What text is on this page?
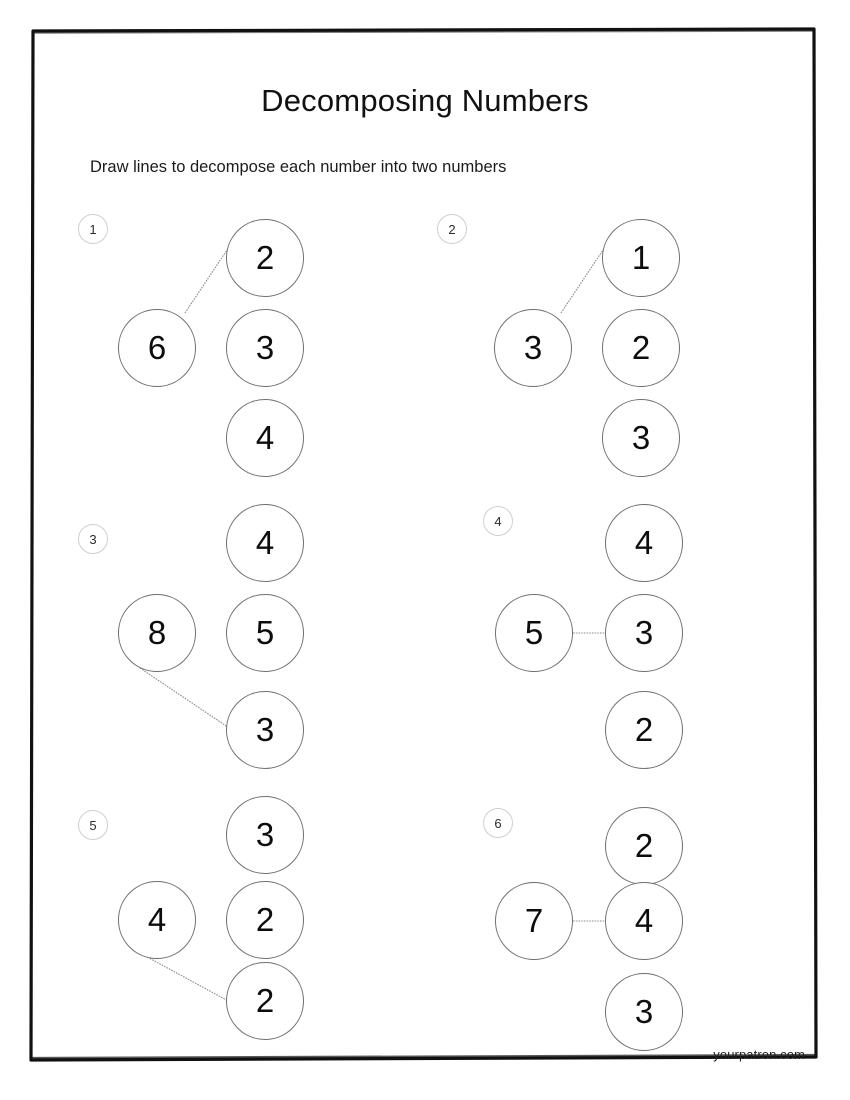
Decomposing Numbers
Draw lines to decompose each number into two numbers
1
6
2
3
4
2
3
1
2
3
3
8
4
5
3
4
5
4
3
2
5
4
3
2
2
6
7
2
4
3
yourpatron.com
